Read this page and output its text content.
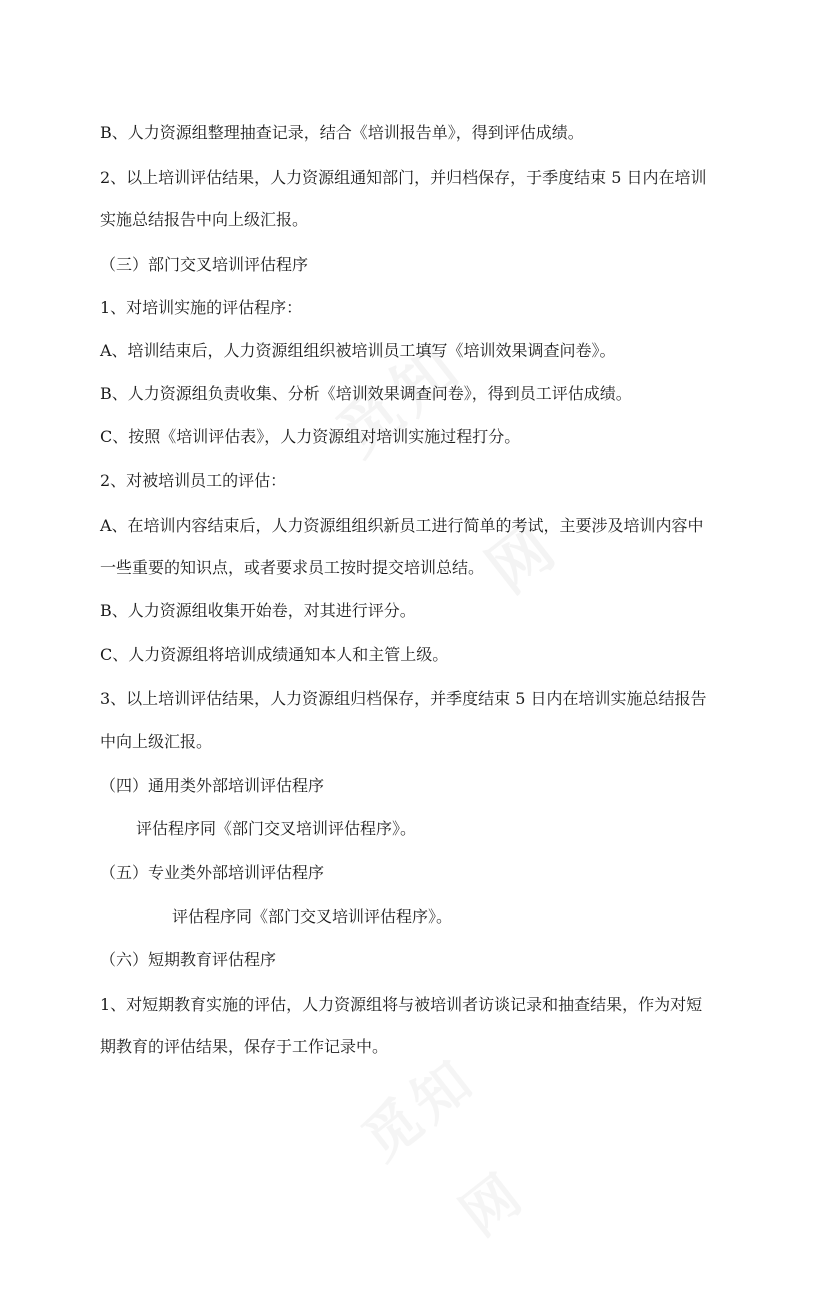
B、人力资源组整理抽查记录，结合《培训报告单》，得到评估成绩。
2、以上培训评估结果，人力资源组通知部门，并归档保存，于季度结束 5 日内在培训
实施总结报告中向上级汇报。
（三）部门交叉培训评估程序
1、对培训实施的评估程序：
A、培训结束后，人力资源组组织被培训员工填写《培训效果调查问卷》。
B、人力资源组负责收集、分析《培训效果调查问卷》，得到员工评估成绩。
C、按照《培训评估表》，人力资源组对培训实施过程打分。
2、对被培训员工的评估：
A、在培训内容结束后，人力资源组组织新员工进行简单的考试，主要涉及培训内容中
一些重要的知识点，或者要求员工按时提交培训总结。
B、人力资源组收集开始卷，对其进行评分。
C、人力资源组将培训成绩通知本人和主管上级。
3、以上培训评估结果，人力资源组归档保存，并季度结束 5 日内在培训实施总结报告
中向上级汇报。
（四）通用类外部培训评估程序
评估程序同《部门交叉培训评估程序》。
（五）专业类外部培训评估程序
评估程序同《部门交叉培训评估程序》。
（六）短期教育评估程序
1、对短期教育实施的评估，人力资源组将与被培训者访谈记录和抽查结果，作为对短
期教育的评估结果，保存于工作记录中。
